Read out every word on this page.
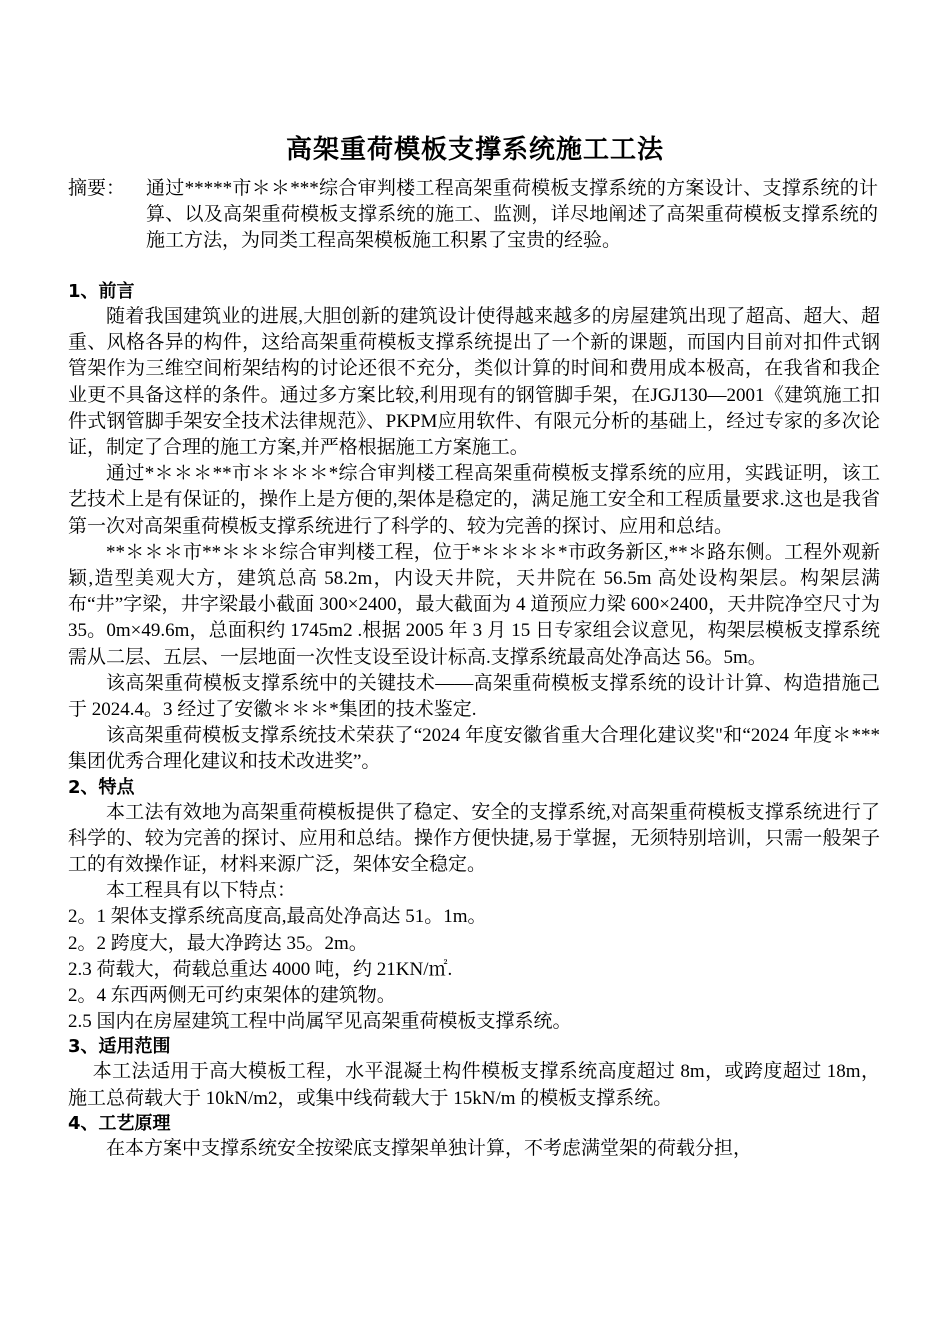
高架重荷模板支撑系统施工工法
摘要：	通过*****市＊＊***综合审判楼工程高架重荷模板支撑系统的方案设计、支撑系统的计算、以及高架重荷模板支撑系统的施工、监测，详尽地阐述了高架重荷模板支撑系统的施工方法，为同类工程高架模板施工积累了宝贵的经验。
1、前言

随着我国建筑业的进展,大胆创新的建筑设计使得越来越多的房屋建筑出现了超高、超大、超重、风格各异的构件，这给高架重荷模板支撑系统提出了一个新的课题，而国内目前对扣件式钢管架作为三维空间桁架结构的讨论还很不充分，类似计算的时间和费用成本极高，在我省和我企业更不具备这样的条件。通过多方案比较,利用现有的钢管脚手架，在JGJ130—2001《建筑施工扣件式钢管脚手架安全技术法律规范》、PKPM应用软件、有限元分析的基础上，经过专家的多次论证，制定了合理的施工方案,并严格根据施工方案施工。

通过*＊＊＊**市＊＊＊＊*综合审判楼工程高架重荷模板支撑系统的应用，实践证明，该工艺技术上是有保证的，操作上是方便的,架体是稳定的，满足施工安全和工程质量要求.这也是我省第一次对高架重荷模板支撑系统进行了科学的、较为完善的探讨、应用和总结。

**＊＊＊市**＊＊＊综合审判楼工程，位于*＊＊＊＊*市政务新区,**＊路东侧。工程外观新颖,造型美观大方，建筑总高 58.2m，内设天井院，天井院在 56.5m 高处设构架层。构架层满布“井”字梁，井字梁最小截面 300×2400，最大截面为 4 道预应力梁 600×2400，天井院净空尺寸为 35。0m×49.6m，总面积约 1745m2 .根据 2005 年 3 月 15 日专家组会议意见，构架层模板支撑系统需从二层、五层、一层地面一次性支设至设计标高.支撑系统最高处净高达 56。5m。

该高架重荷模板支撑系统中的关键技术——高架重荷模板支撑系统的设计计算、构造措施己于 2024.4。3 经过了安徽＊＊＊*集团的技术鉴定.

该高架重荷模板支撑系统技术荣获了“2024 年度安徽省重大合理化建议奖"和“2024 年度＊***集团优秀合理化建议和技术改进奖”。

2、特点

本工法有效地为高架重荷模板提供了稳定、安全的支撑系统,对高架重荷模板支撑系统进行了科学的、较为完善的探讨、应用和总结。操作方便快捷,易于掌握，无须特别培训，只需一般架子工的有效操作证，材料来源广泛，架体安全稳定。

本工程具有以下特点：

2。1 架体支撑系统高度高,最高处净高达 51。1m。

2。2 跨度大，最大净跨达 35。2m。

2.3 荷载大，荷载总重达 4000 吨，约 21KN/㎡.

2。4 东西两侧无可约束架体的建筑物。

2.5 国内在房屋建筑工程中尚属罕见高架重荷模板支撑系统。

3、适用范围

本工法适用于高大模板工程，水平混凝土构件模板支撑系统高度超过 8m，或跨度超过 18m，施工总荷载大于 10kN/m2，或集中线荷载大于 15kN/m 的模板支撑系统。

4、工艺原理

在本方案中支撑系统安全按梁底支撑架单独计算，不考虑满堂架的荷载分担，
